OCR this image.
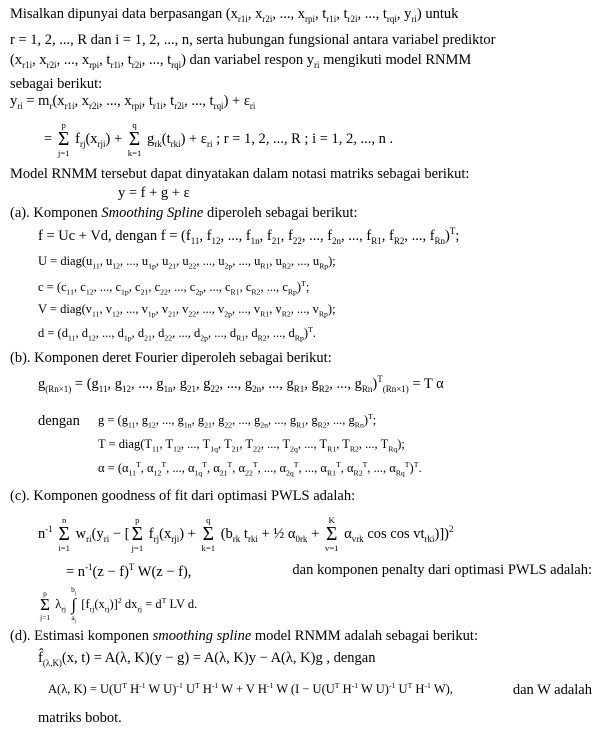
Misalkan dipunyai data berpasangan ($x_{r1i}$, $x_{r2i}$, ..., $x_{rpi}$, $t_{r1i}$, $t_{r2i}$, ..., $t_{rqi}$, $y_{ri}$) untuk
r = 1, 2, ..., R dan i = 1, 2, ..., n, serta hubungan fungsional antara variabel prediktor
($x_{r1i}$, $x_{r2i}$, ..., $x_{rpi}$, $t_{r1i}$, $t_{r2i}$, ..., $t_{rqi}$) dan variabel respon $y_{ri}$ mengikuti model RNMM
sebagai berikut:
$y_{ri} = m_r(x_{r1i}$, $x_{r2i}$, ..., $x_{rpi}$, $t_{r1i}$, $t_{r2i}$, ..., $t_{rqi}) + \varepsilon_{ri}$
=
p
Σ
j=1
$f_{rj}(x_{rji})$ +
q
Σ
k=1
$g_{rk}(t_{rki}) + \varepsilon_{ri}$ ; r = 1, 2, ..., R ; i = 1, 2, ..., n .
Model RNMM tersebut dapat dinyatakan dalam notasi matriks sebagai berikut:
y = f + g + ε
(a). Komponen Smoothing Spline diperoleh sebagai berikut:
f = Uc + Vd, dengan $f = (f_{11}$, $f_{12}$, ..., $f_{1n}$, $f_{21}$, $f_{22}$, ..., $f_{2n}$, ..., $f_{R1}$, $f_{R2}$, ..., $f_{Rn})^T$;
$U = diag(u_{11}$, $u_{12}$, ..., $u_{1p}$, $u_{21}$, $u_{22}$, ..., $u_{2p}$, ..., $u_{R1}$, $u_{R2}$, ..., $u_{Rp}$);
$c = (c_{11}$, $c_{12}$, ..., $c_{1p}$, $c_{21}$, $c_{22}$, ..., $c_{2p}$, ..., $c_{R1}$, $c_{R2}$, ..., $c_{Rp})^T$;
$V = diag(v_{11}$, $v_{12}$, ..., $v_{1p}$, $v_{21}$, $v_{22}$, ..., $v_{2p}$, ..., $v_{R1}$, $v_{R2}$, ..., $v_{Rp}$);
$d = (d_{11}$, $d_{12}$, ..., $d_{1p}$, $d_{21}$, $d_{22}$, ..., $d_{2p}$, ..., $d_{R1}$, $d_{R2}$, ..., $d_{Rp})^T$.
(b). Komponen deret Fourier diperoleh sebagai berikut:
$g_{(Rn\times 1)} = (g_{11}$, $g_{12}$, ..., $g_{1n}$, $g_{21}$, $g_{22}$, ..., $g_{2n}$, ..., $g_{R1}$, $g_{R2}$, ..., $g_{Rn})^T_{(Rn\times 1)} = T$ α
dengan $g = (g_{11}$, $g_{12}$, ..., $g_{1n}$, $g_{21}$, $g_{22}$, ..., $g_{2n}$, ..., $g_{R1}$, $g_{R2}$, ..., $g_{Rn})^T$;
$T = diag(T_{11}$, $T_{12}$, ..., $T_{1q}$, $T_{21}$, $T_{22}$, ..., $T_{2q}$, ..., $T_{R1}$, $T_{R2}$, ..., $T_{Rq}$);
$\alpha = (\alpha_{11}^T$, $\alpha_{12}^T$, ..., $\alpha_{1q}^T$, $\alpha_{21}^T$, $\alpha_{22}^T$, ..., $\alpha_{2q}^T$, ..., $\alpha_{R1}^T$, $\alpha_{R2}^T$, ..., $\alpha_{Rq}^T)^T$.
(c). Komponen goodness of fit dari optimasi PWLS adalah:
$n^{-1}$
n
Σ
i=1
$w_{ri}(y_{ri}$ − [
p
Σ
j=1
$f_{rj}(x_{rji})$ +
q
Σ
k=1
($b_{rk}$ $t_{rki}$ + ½ $\alpha_{0rk}$ +
K
Σ
v=1
$\alpha_{vrk}$ $\cos \cos vt_{rki})])^2$
= $n^{-1}(z - f)^T$ W(z − f),	dan komponen penalty dari optimasi PWLS adalah:
p
Σ
j=1
$\lambda_{rj}$
$b_j$
∫
$a_j$
$[f_{rj}(x_{rj})]^2$ $dx_{rj} = d^T$ LV d.
(d). Estimasi komponen smoothing spline model RNMM adalah sebagai berikut:
$f̂_{(\lambda,K)}(x$, t) = A(λ, K)(y − g) = A(λ, K)y − A(λ, K)g , dengan
A(λ, $K) = U(U^T$ $H^{-1}$ W U)$^{-1}$ $U^T$ $H^{-1}$ W + V $H^{-1}$ W ($I - U(U^T$ $H^{-1}$ W U)$^{-1}$ $U^T$ $H^{-1}$ W),	dan W adalah
matriks bobot.
